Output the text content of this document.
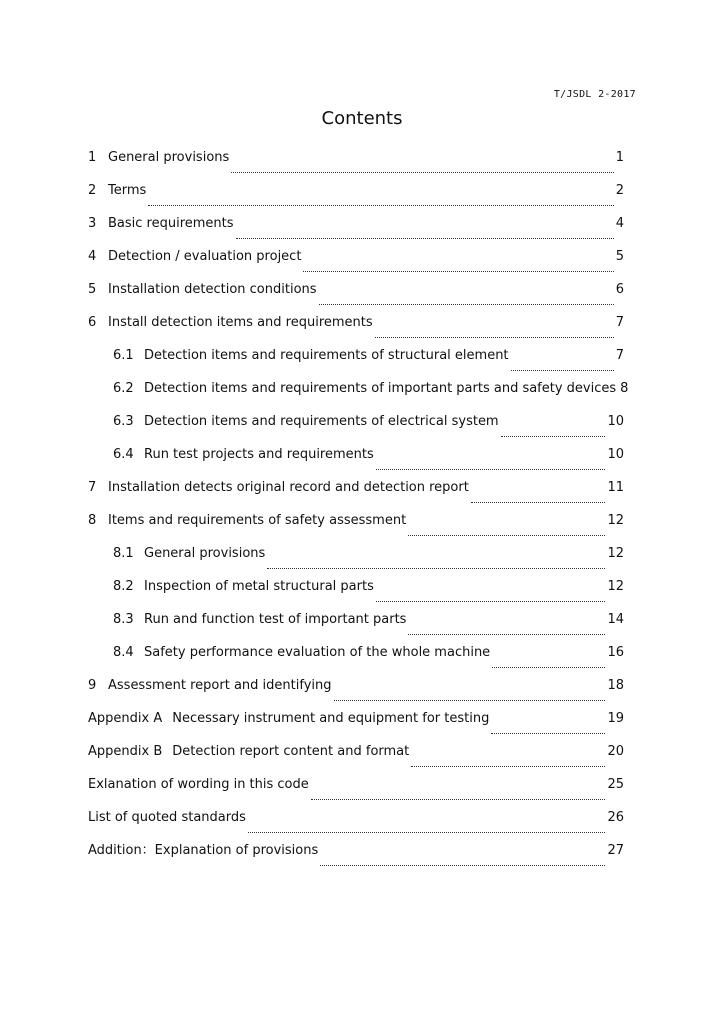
T/JSDL 2-2017
Contents
1 General provisions	1
2 Terms	2
3 Basic requirements	4
4 Detection / evaluation project	5
5 Installation detection conditions	6
6 Install detection items and requirements	7
6.1 Detection items and requirements of structural element	7
6.2 Detection items and requirements of important parts and safety devices 8
6.3 Detection items and requirements of electrical system	10
6.4 Run test projects and requirements	10
7 Installation detects original record and detection report	11
8 Items and requirements of safety assessment	12
8.1 General provisions	12
8.2 Inspection of metal structural parts	12
8.3 Run and function test of important parts	14
8.4 Safety performance evaluation of the whole machine	16
9 Assessment report and identifying	18
Appendix A Necessary instrument and equipment for testing	19
Appendix B Detection report content and format	20
Exlanation of wording in this code	25
List of quoted standards	26
Addition：Explanation of provisions	27
